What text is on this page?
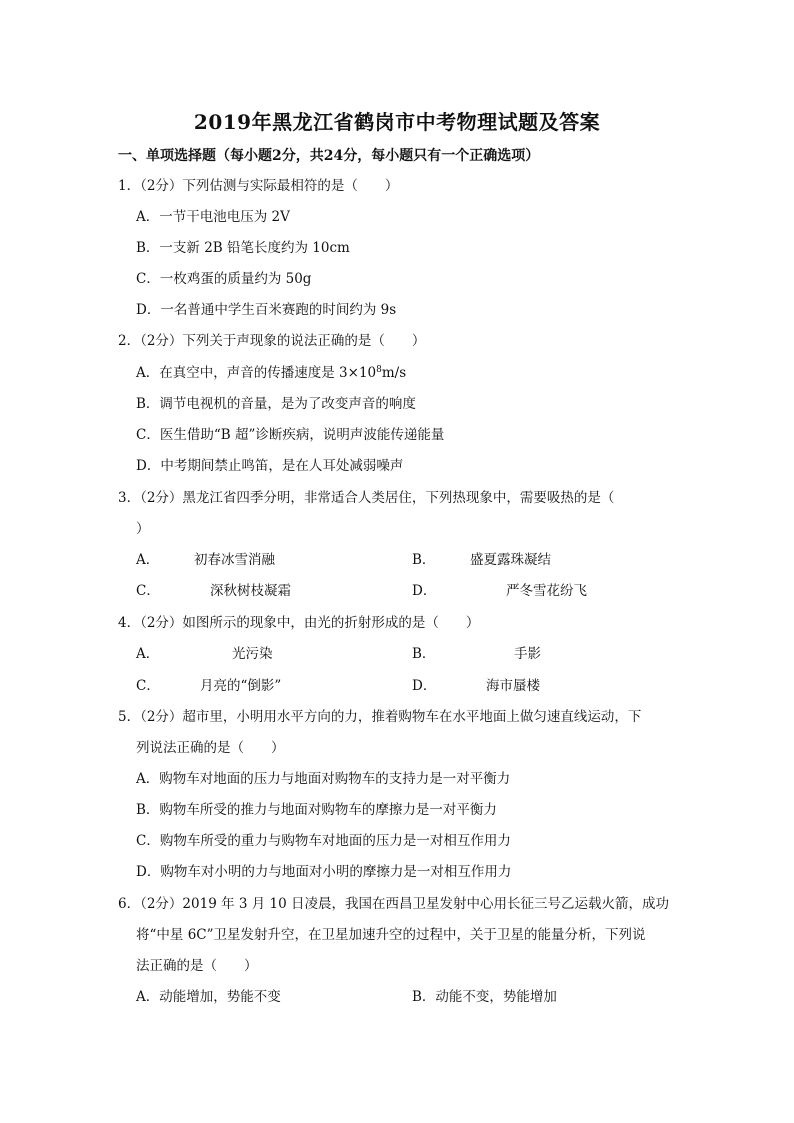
2019年黑龙江省鹤岗市中考物理试题及答案
一、单项选择题（每小题2分，共24分，每小题只有一个正确选项）
1．（2分）下列估测与实际最相符的是（　　）
A．一节干电池电压为 2V
B．一支新 2B 铅笔长度约为 10cm
C．一枚鸡蛋的质量约为 50g
D．一名普通中学生百米赛跑的时间约为 9s
2．（2分）下列关于声现象的说法正确的是（　　）
A．在真空中，声音的传播速度是 $3\times 10^8m/s$
B．调节电视机的音量，是为了改变声音的响度
C．医生借助“B 超”诊断疾病，说明声波能传递能量
D．中考期间禁止鸣笛，是在人耳处减弱噪声
3．（2分）黑龙江省四季分明，非常适合人类居住，下列热现象中，需要吸热的是（
）
A．	初春冰雪消融	B．	盛夏露珠凝结
C．	深秋树枝凝霜	D．	严冬雪花纷飞
4．（2分）如图所示的现象中，由光的折射形成的是（　　）
A．	光污染	B．	手影
C．	月亮的“倒影”	D．	海市蜃楼
5．（2分）超市里，小明用水平方向的力，推着购物车在水平地面上做匀速直线运动，下
列说法正确的是（　　）
A．购物车对地面的压力与地面对购物车的支持力是一对平衡力
B．购物车所受的推力与地面对购物车的摩擦力是一对平衡力
C．购物车所受的重力与购物车对地面的压力是一对相互作用力
D．购物车对小明的力与地面对小明的摩擦力是一对相互作用力
6．（2分）2019 年 3 月 10 日凌晨，我国在西昌卫星发射中心用长征三号乙运载火箭，成功
将“中星 6C”卫星发射升空，在卫星加速升空的过程中，关于卫星的能量分析，下列说
法正确的是（　　）
A．动能增加，势能不变	B．动能不变，势能增加
